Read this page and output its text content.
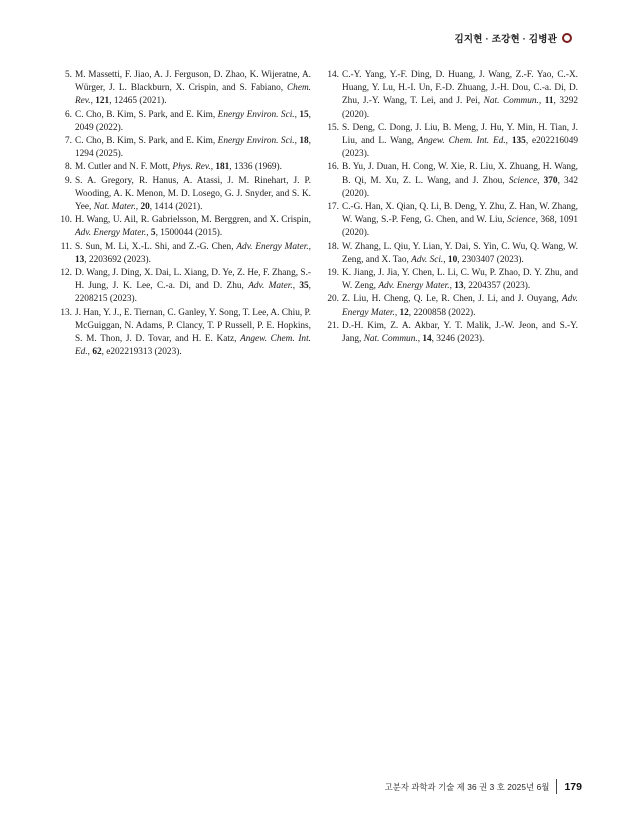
김지현 · 조강현 · 김병관
5. M. Massetti, F. Jiao, A. J. Ferguson, D. Zhao, K. Wijeratne, A. Würger, J. L. Blackburn, X. Crispin, and S. Fabiano, Chem. Rev., 121, 12465 (2021).
6. C. Cho, B. Kim, S. Park, and E. Kim, Energy Environ. Sci., 15, 2049 (2022).
7. C. Cho, B. Kim, S. Park, and E. Kim, Energy Environ. Sci., 18, 1294 (2025).
8. M. Cutler and N. F. Mott, Phys. Rev., 181, 1336 (1969).
9. S. A. Gregory, R. Hanus, A. Atassi, J. M. Rinehart, J. P. Wooding, A. K. Menon, M. D. Losego, G. J. Snyder, and S. K. Yee, Nat. Mater., 20, 1414 (2021).
10. H. Wang, U. Ail, R. Gabrielsson, M. Berggren, and X. Crispin, Adv. Energy Mater., 5, 1500044 (2015).
11. S. Sun, M. Li, X.-L. Shi, and Z.-G. Chen, Adv. Energy Mater., 13, 2203692 (2023).
12. D. Wang, J. Ding, X. Dai, L. Xiang, D. Ye, Z. He, F. Zhang, S.-H. Jung, J. K. Lee, C.-a. Di, and D. Zhu, Adv. Mater., 35, 2208215 (2023).
13. J. Han, Y. J., E. Tiernan, C. Ganley, Y. Song, T. Lee, A. Chiu, P. McGuiggan, N. Adams, P. Clancy, T. P Russell, P. E. Hopkins, S. M. Thon, J. D. Tovar, and H. E. Katz, Angew. Chem. Int. Ed., 62, e202219313 (2023).
14. C.-Y. Yang, Y.-F. Ding, D. Huang, J. Wang, Z.-F. Yao, C.-X. Huang, Y. Lu, H.-I. Un, F.-D. Zhuang, J.-H. Dou, C.-a. Di, D. Zhu, J.-Y. Wang, T. Lei, and J. Pei, Nat. Commun., 11, 3292 (2020).
15. S. Deng, C. Dong, J. Liu, B. Meng, J. Hu, Y. Min, H. Tian, J. Liu, and L. Wang, Angew. Chem. Int. Ed., 135, e202216049 (2023).
16. B. Yu, J. Duan, H. Cong, W. Xie, R. Liu, X. Zhuang, H. Wang, B. Qi, M. Xu, Z. L. Wang, and J. Zhou, Science, 370, 342 (2020).
17. C.-G. Han, X. Qian, Q. Li, B. Deng, Y. Zhu, Z. Han, W. Zhang, W. Wang, S.-P. Feng, G. Chen, and W. Liu, Science, 368, 1091 (2020).
18. W. Zhang, L. Qiu, Y. Lian, Y. Dai, S. Yin, C. Wu, Q. Wang, W. Zeng, and X. Tao, Adv. Sci., 10, 2303407 (2023).
19. K. Jiang, J. Jia, Y. Chen, L. Li, C. Wu, P. Zhao, D. Y. Zhu, and W. Zeng, Adv. Energy Mater., 13, 2204357 (2023).
20. Z. Liu, H. Cheng, Q. Le, R. Chen, J. Li, and J. Ouyang, Adv. Energy Mater., 12, 2200858 (2022).
21. D.-H. Kim, Z. A. Akbar, Y. T. Malik, J.-W. Jeon, and S.-Y. Jang, Nat. Commun., 14, 3246 (2023).
고분자 과학과 기술 제 36 권 3 호 2025년 6월 179
